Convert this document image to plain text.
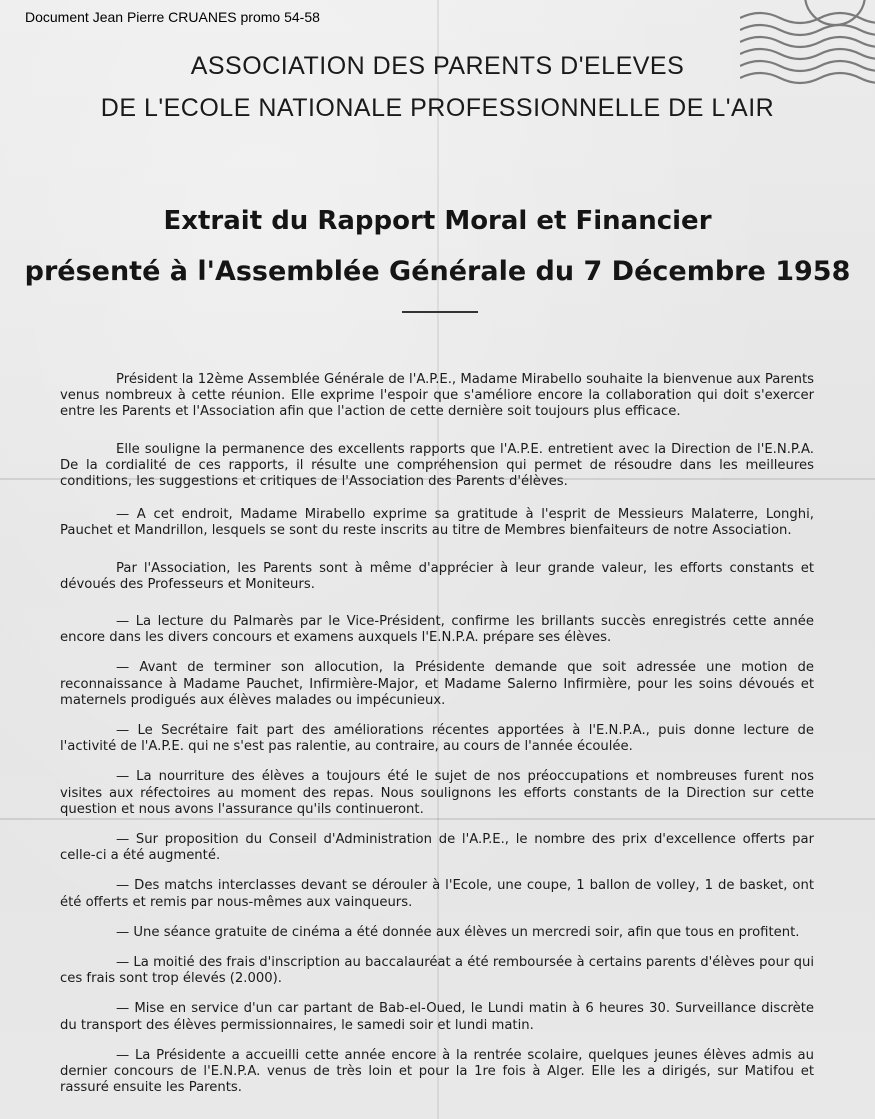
Document Jean Pierre CRUANES promo 54-58
ASSOCIATION DES PARENTS D'ELEVES
DE L'ECOLE NATIONALE PROFESSIONNELLE DE L'AIR
Extrait du Rapport Moral et Financier
présenté à l'Assemblée Générale du 7 Décembre 1958

Président la 12ème Assemblée Générale de l'A.P.E., Madame Mirabello souhaite la bienvenue aux Parents venus nombreux à cette réunion. Elle exprime l'espoir que s'améliore encore la collaboration qui doit s'exercer entre les Parents et l'Association afin que l'action de cette dernière soit toujours plus efficace.

Elle souligne la permanence des excellents rapports que l'A.P.E. entretient avec la Direction de l'E.N.P.A. De la cordialité de ces rapports, il résulte une compréhension qui permet de résoudre dans les meilleures conditions, les suggestions et critiques de l'Association des Parents d'élèves.

— A cet endroit, Madame Mirabello exprime sa gratitude à l'esprit de Messieurs Malaterre, Longhi, Pauchet et Mandrillon, lesquels se sont du reste inscrits au titre de Membres bienfaiteurs de notre Association.

Par l'Association, les Parents sont à même d'apprécier à leur grande valeur, les efforts constants et dévoués des Professeurs et Moniteurs.

— La lecture du Palmarès par le Vice-Président, confirme les brillants succès enregistrés cette année encore dans les divers concours et examens auxquels l'E.N.P.A. prépare ses élèves.

— Avant de terminer son allocution, la Présidente demande que soit adressée une motion de reconnaissance à Madame Pauchet, Infirmière-Major, et Madame Salerno Infirmière, pour les soins dévoués et maternels prodigués aux élèves malades ou impécunieux.

— Le Secrétaire fait part des améliorations récentes apportées à l'E.N.P.A., puis donne lecture de l'activité de l'A.P.E. qui ne s'est pas ralentie, au contraire, au cours de l'année écoulée.

— La nourriture des élèves a toujours été le sujet de nos préoccupations et nombreuses furent nos visites aux réfectoires au moment des repas. Nous soulignons les efforts constants de la Direction sur cette question et nous avons l'assurance qu'ils continueront.

— Sur proposition du Conseil d'Administration de l'A.P.E., le nombre des prix d'excellence offerts par celle-ci a été augmenté.

— Des matchs interclasses devant se dérouler à l'Ecole, une coupe, 1 ballon de volley, 1 de basket, ont été offerts et remis par nous-mêmes aux vainqueurs.

— Une séance gratuite de cinéma a été donnée aux élèves un mercredi soir, afin que tous en profitent.

— La moitié des frais d'inscription au baccalauréat a été remboursée à certains parents d'élèves pour qui ces frais sont trop élevés (2.000).

— Mise en service d'un car partant de Bab-el-Oued, le Lundi matin à 6 heures 30. Surveillance discrète du transport des élèves permissionnaires, le samedi soir et lundi matin.

— La Présidente a accueilli cette année encore à la rentrée scolaire, quelques jeunes élèves admis au dernier concours de l'E.N.P.A. venus de très loin et pour la 1re fois à Alger. Elle les a dirigés, sur Matifou et rassuré ensuite les Parents.
